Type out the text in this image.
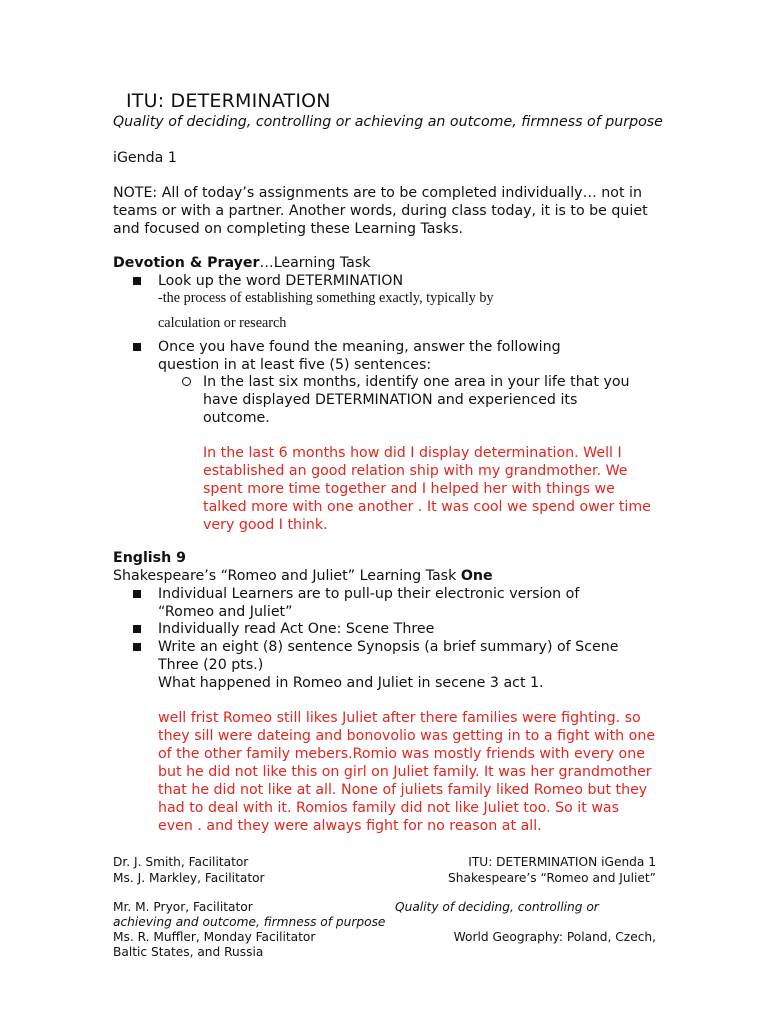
ITU: DETERMINATION
Quality of deciding, controlling or achieving an outcome, firmness of purpose
iGenda 1
NOTE: All of today’s assignments are to be completed individually… not in teams or with a partner. Another words, during class today, it is to be quiet and focused on completing these Learning Tasks.
Devotion & Prayer…Learning Task
Look up the word DETERMINATION
-the process of establishing something exactly, typically by
calculation or research
Once you have found the meaning, answer the following question in at least five (5) sentences:
In the last six months, identify one area in your life that you have displayed DETERMINATION and experienced its outcome.
In the last 6 months how did I display determination. Well I established an good relation ship with my grandmother. We spent more time together and I helped her with things we talked more with one another . It was cool we spend ower time very good I think.
English 9
Shakespeare’s “Romeo and Juliet” Learning Task One
Individual Learners are to pull-up their electronic version of “Romeo and Juliet”
Individually read Act One: Scene Three
Write an eight (8) sentence Synopsis (a brief summary) of Scene Three (20 pts.)
What happened in Romeo and Juliet in secene 3 act 1.
well frist Romeo still likes Juliet after there families were fighting. so they sill were dateing and bonovolio was getting in to a fight with one of the other family mebers.Romio was mostly friends with every one but he did not like this on girl on Juliet family. It was her grandmother that he did not like at all. None of juliets family liked Romeo but they had to deal with it. Romios family did not like Juliet too. So it was even . and they were always fight for no reason at all.
Dr. J. Smith, Facilitator
Ms. J. Markley, Facilitator
Mr. M. Pryor, Facilitator
achieving and outcome, firmness of purpose
Ms. R. Muffler, Monday Facilitator
Baltic States, and Russia
ITU: DETERMINATION iGenda 1
Shakespeare’s “Romeo and Juliet”
Quality of deciding, controlling or
World Geography: Poland, Czech,
